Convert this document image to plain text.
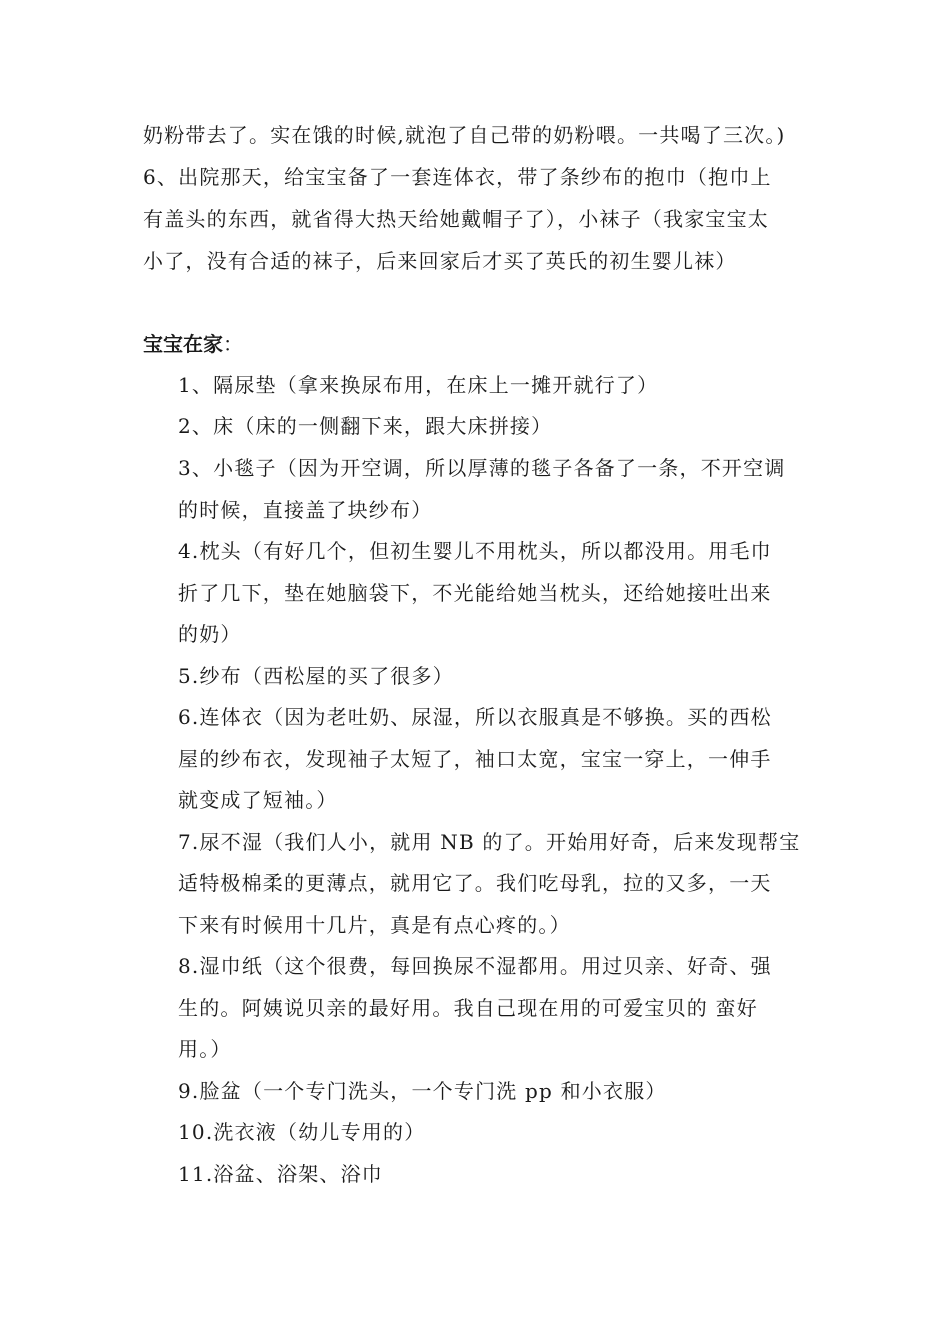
奶粉带去了。实在饿的时候,就泡了自己带的奶粉喂。一共喝了三次。)
6、出院那天，给宝宝备了一套连体衣，带了条纱布的抱巾（抱巾上
有盖头的东西，就省得大热天给她戴帽子了），小袜子（我家宝宝太
小了，没有合适的袜子，后来回家后才买了英氏的初生婴儿袜）
宝宝在家：
1、隔尿垫（拿来换尿布用，在床上一摊开就行了）
2、床（床的一侧翻下来，跟大床拼接）
3、小毯子（因为开空调，所以厚薄的毯子各备了一条，不开空调
的时候，直接盖了块纱布）
4.枕头（有好几个，但初生婴儿不用枕头，所以都没用。用毛巾
折了几下，垫在她脑袋下，不光能给她当枕头，还给她接吐出来
的奶）
5.纱布（西松屋的买了很多）
6.连体衣（因为老吐奶、尿湿，所以衣服真是不够换。买的西松
屋的纱布衣，发现袖子太短了，袖口太宽，宝宝一穿上，一伸手
就变成了短袖。）
7.尿不湿（我们人小，就用 NB 的了。开始用好奇，后来发现帮宝
适特极棉柔的更薄点，就用它了。我们吃母乳，拉的又多，一天
下来有时候用十几片，真是有点心疼的。）
8.湿巾纸（这个很费，每回换尿不湿都用。用过贝亲、好奇、强
生的。阿姨说贝亲的最好用。我自己现在用的可爱宝贝的 蛮好
用。）
9.脸盆（一个专门洗头，一个专门洗 pp 和小衣服）
10.洗衣液（幼儿专用的）
11.浴盆、浴架、浴巾
